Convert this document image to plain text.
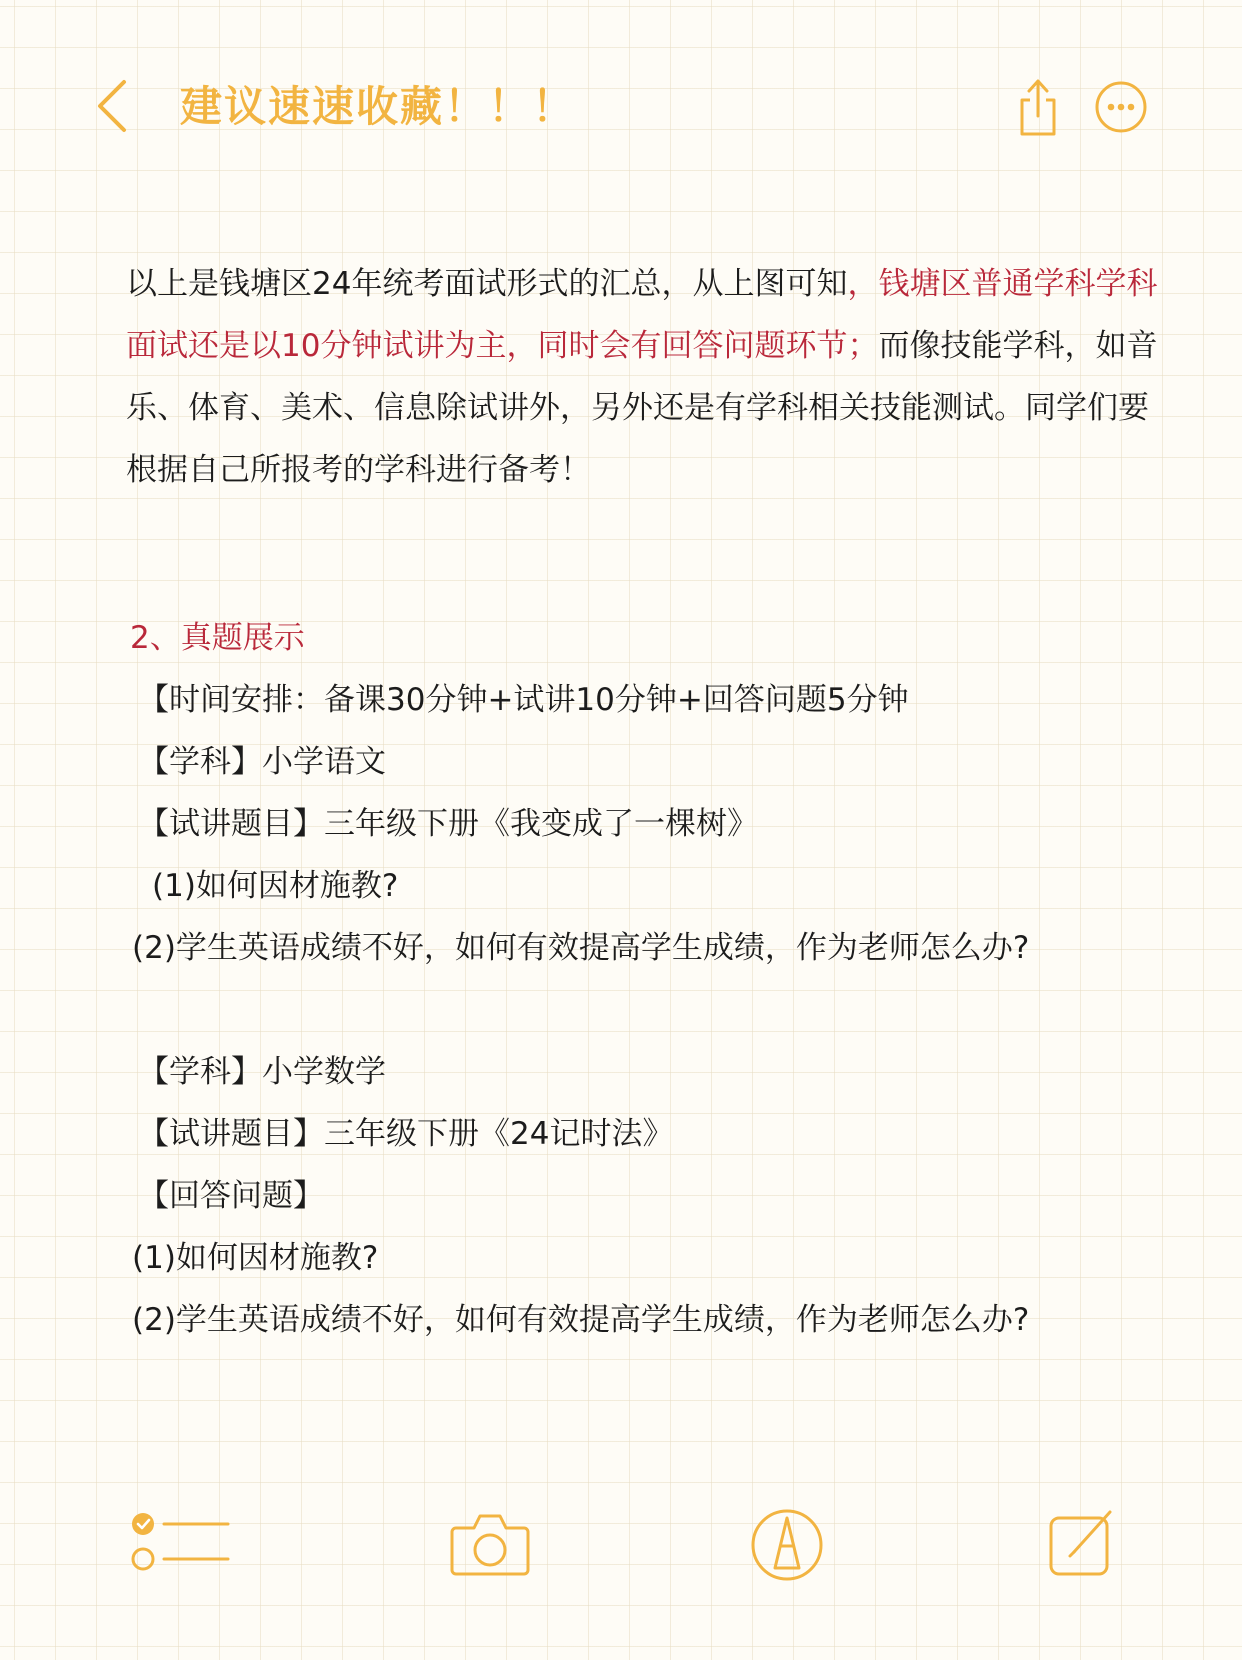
建议速速收藏！！！
以上是钱塘区24年统考面试形式的汇总，从上图可知，钱塘区普通学科学科面试还是以10分钟试讲为主，同时会有回答问题环节；而像技能学科，如音乐、体育、美术、信息除试讲外，另外还是有学科相关技能测试。同学们要根据自己所报考的学科进行备考！
2、真题展示
【时间安排：备课30分钟+试讲10分钟+回答问题5分钟
【学科】小学语文
【试讲题目】三年级下册《我变成了一棵树》
(1)如何因材施教?
(2)学生英语成绩不好，如何有效提高学生成绩，作为老师怎么办?
【学科】小学数学
【试讲题目】三年级下册《24记时法》
【回答问题】
(1)如何因材施教?
(2)学生英语成绩不好，如何有效提高学生成绩，作为老师怎么办?
